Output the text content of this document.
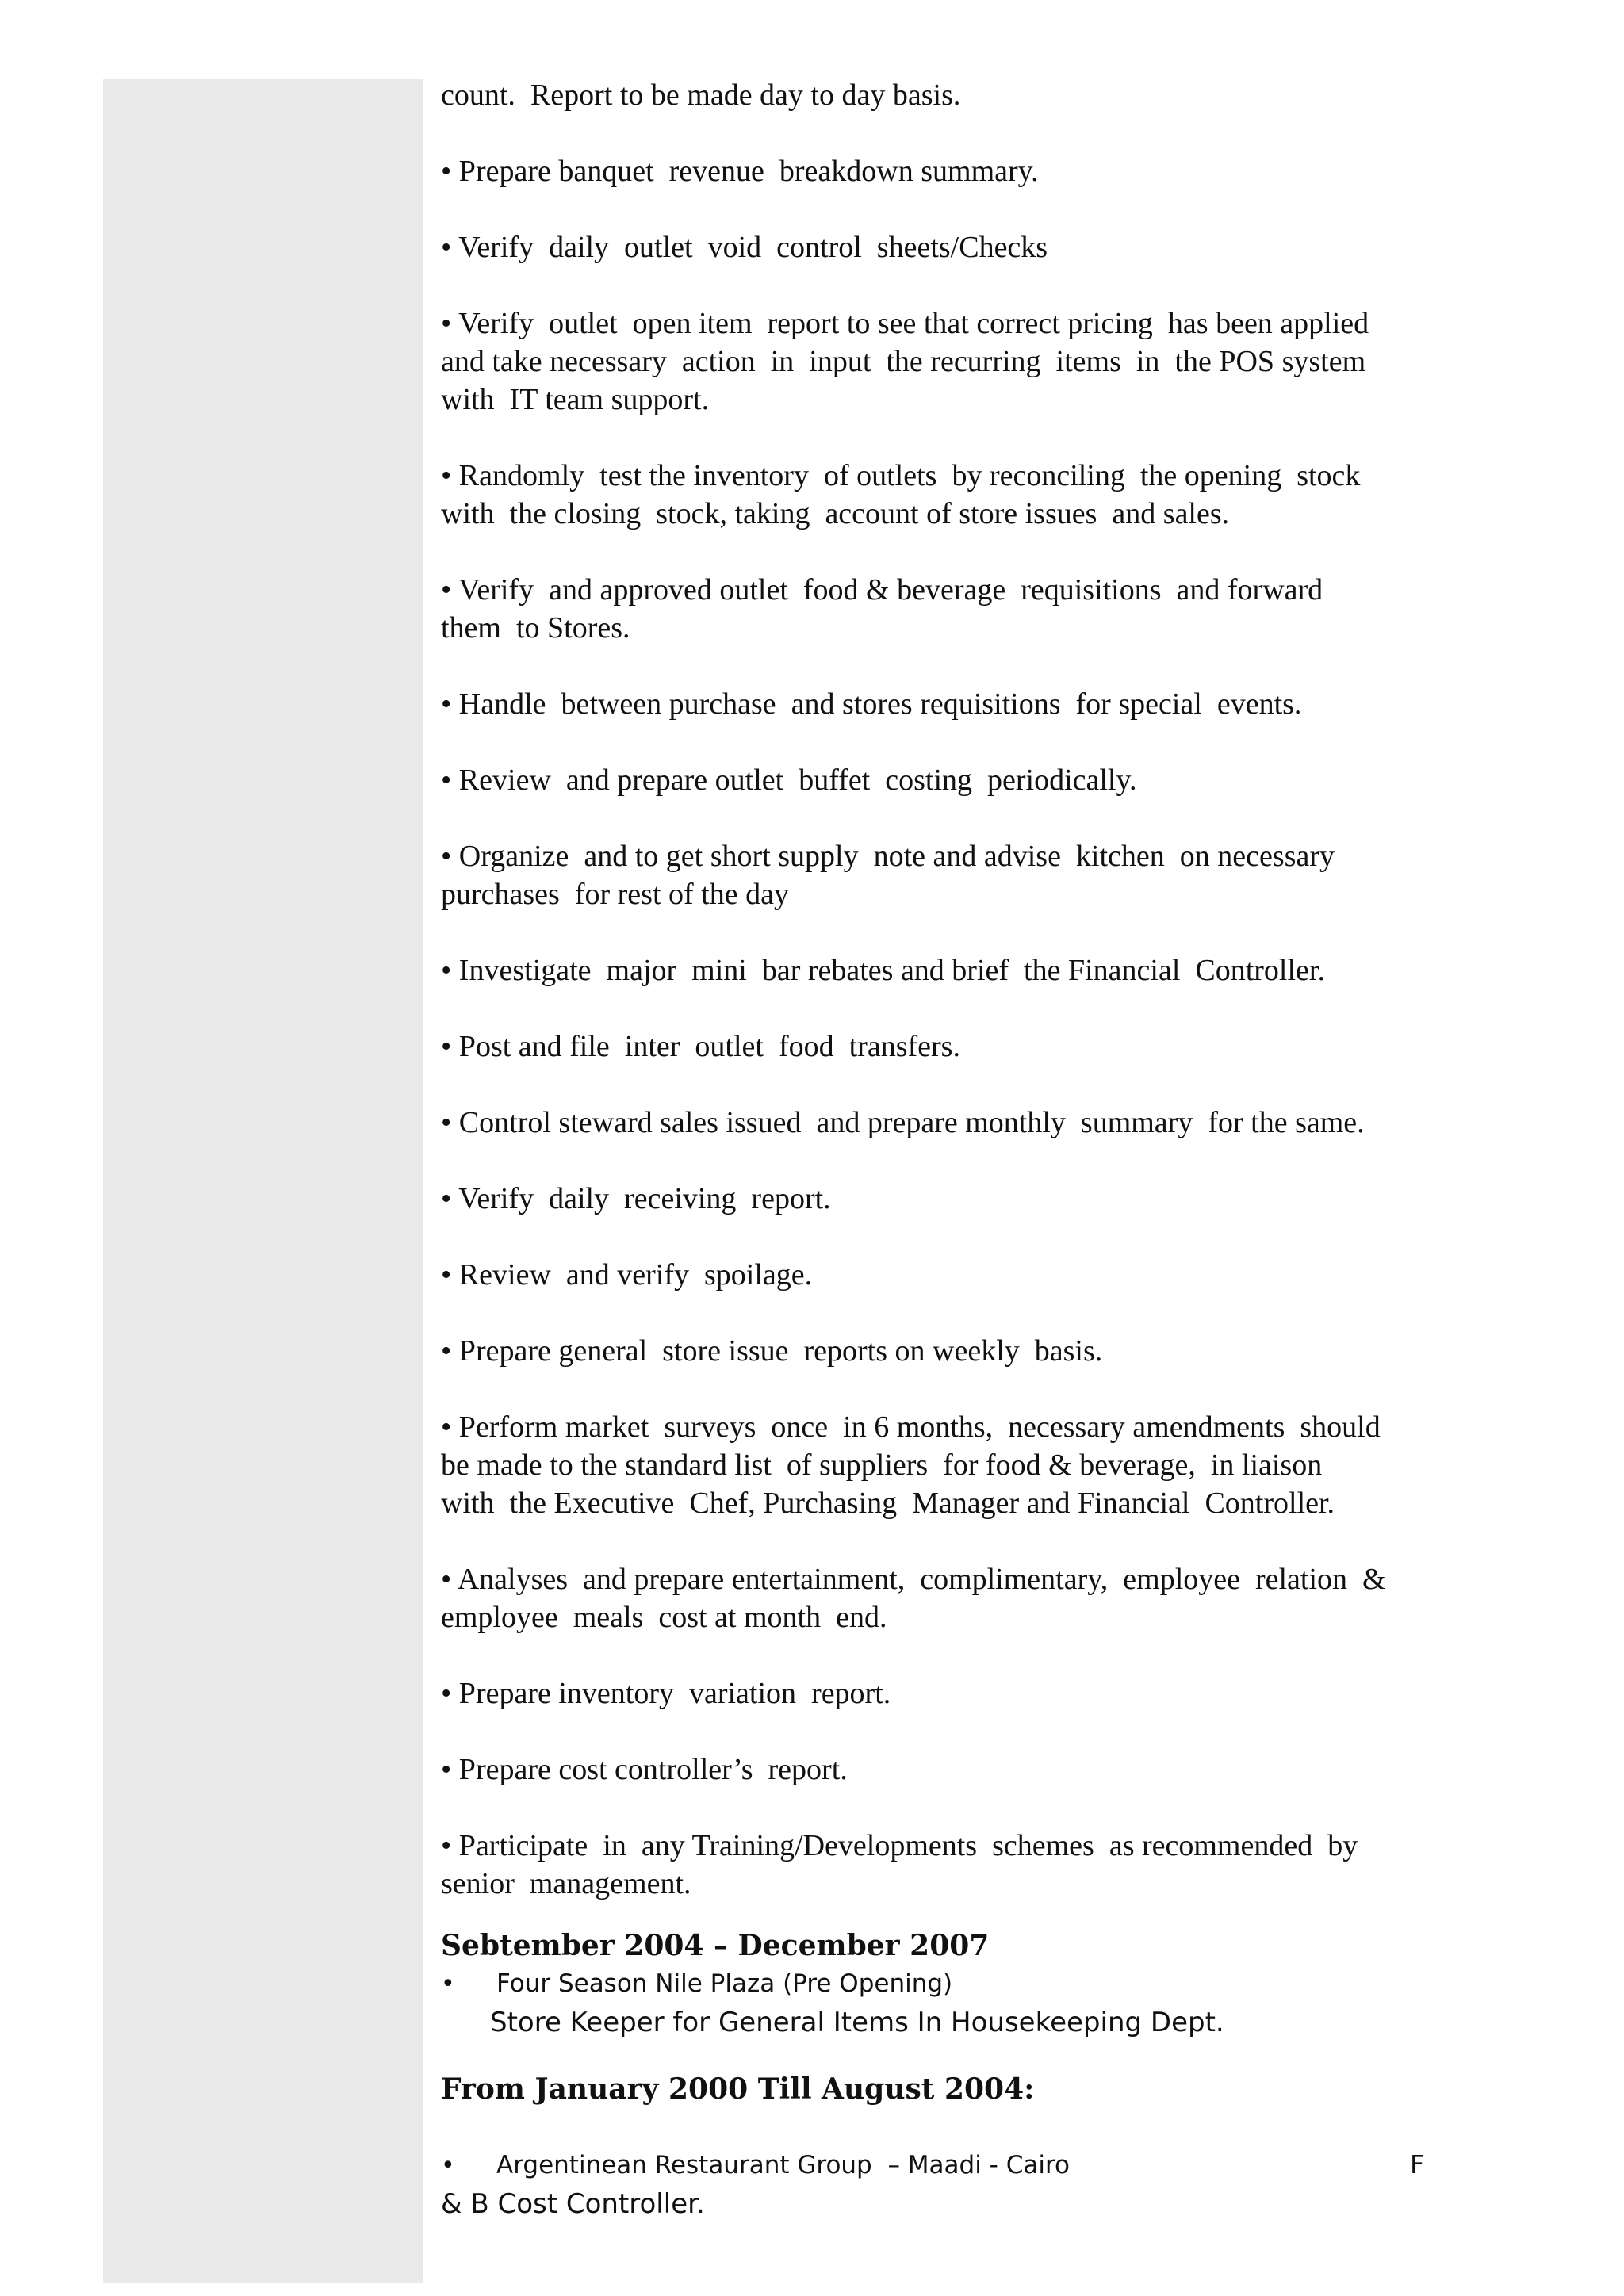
count.  Report to be made day to day basis.

• Prepare banquet  revenue  breakdown summary.

• Verify  daily  outlet  void  control  sheets/Checks

• Verify  outlet  open item  report to see that correct pricing  has been applied
and take necessary  action  in  input  the recurring  items  in  the POS system
with  IT team support.

• Randomly  test the inventory  of outlets  by reconciling  the opening  stock
with  the closing  stock, taking  account of store issues  and sales.

• Verify  and approved outlet  food & beverage  requisitions  and forward
them  to Stores.

• Handle  between purchase  and stores requisitions  for special  events.

• Review  and prepare outlet  buffet  costing  periodically.

• Organize  and to get short supply  note and advise  kitchen  on necessary
purchases  for rest of the day

• Investigate  major  mini  bar rebates and brief  the Financial  Controller.

• Post and file  inter  outlet  food  transfers.

• Control steward sales issued  and prepare monthly  summary  for the same.

• Verify  daily  receiving  report.

• Review  and verify  spoilage.

• Prepare general  store issue  reports on weekly  basis.

• Perform market  surveys  once  in 6 months,  necessary amendments  should
be made to the standard list  of suppliers  for food & beverage,  in liaison
with  the Executive  Chef, Purchasing  Manager and Financial  Controller.

• Analyses  and prepare entertainment,  complimentary,  employee  relation  &
employee  meals  cost at month  end.

• Prepare inventory  variation  report.

• Prepare cost controller’s  report.

• Participate  in  any Training/Developments  schemes  as recommended  by
senior  management.

Sebtember 2004 – December 2007
•	Four Season Nile Plaza (Pre Opening)
Store Keeper for General Items In Housekeeping Dept.
From January 2000 Till August 2004:
•	Argentinean Restaurant Group  – Maadi - Cairo	F
& B Cost Controller.
